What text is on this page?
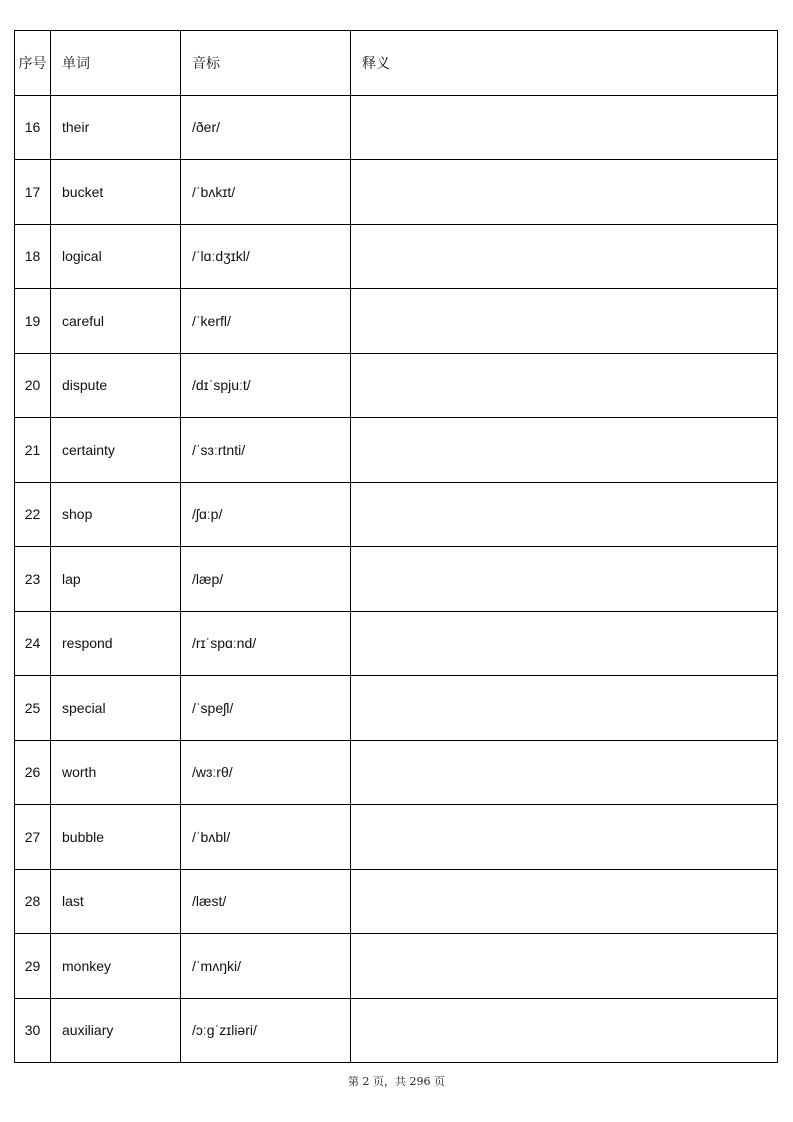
序号	单词	音标	释义
16	their	/ðer/	
17	bucket	/ˈbʌkɪt/	
18	logical	/ˈlɑːdʒɪkl/	
19	careful	/ˈkerfl/	
20	dispute	/dɪˈspjuːt/	
21	certainty	/ˈsɜːrtnti/	
22	shop	/ʃɑːp/	
23	lap	/læp/	
24	respond	/rɪˈspɑːnd/	
25	special	/ˈspeʃl/	
26	worth	/wɜːrθ/	
27	bubble	/ˈbʌbl/	
28	last	/læst/	
29	monkey	/ˈmʌŋki/	
30	auxiliary	/ɔːɡˈzɪliəri/	
第 2 页，共 296 页
